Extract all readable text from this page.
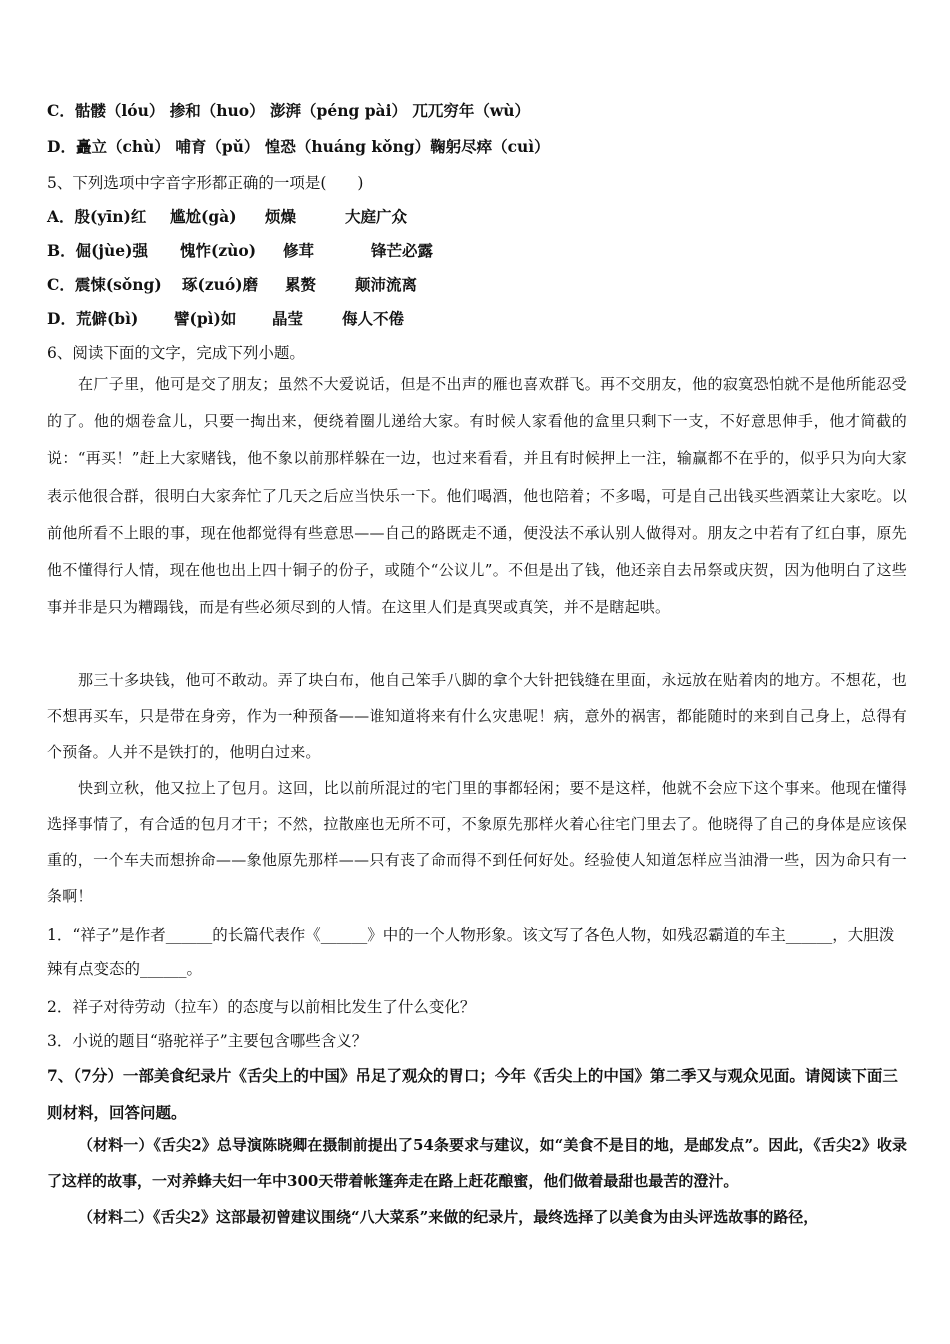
C．骷髅（lóu） 掺和（huo） 澎湃（péng pài） 兀兀穷年（wù）
D．矗立（chù） 哺育（pǔ） 惶恐（huáng kǒng）鞠躬尽瘁（cuì）
5、下列选项中字音字形都正确的一项是(　　)
A．殷(yīn)红 尴尬(gà) 烦燥	大庭广众
B．倔(jùe)强 愧怍(zùo) 修茸	锋芒必露
C．震悚(sǒng) 琢(zuó)磨 累赘	颠沛流离
D．荒僻(bì) 譬(pì)如 晶莹	侮人不倦
6、阅读下面的文字，完成下列小题。
在厂子里，他可是交了朋友；虽然不大爱说话，但是不出声的雁也喜欢群飞。再不交朋友，他的寂寞恐怕就不是他所能忍受的了。他的烟卷盒儿，只要一掏出来，便绕着圈儿递给大家。有时候人家看他的盒里只剩下一支，不好意思伸手，他才简截的说：“再买！”赶上大家赌钱，他不象以前那样躲在一边，也过来看看，并且有时候押上一注，输赢都不在乎的，似乎只为向大家表示他很合群，很明白大家奔忙了几天之后应当快乐一下。他们喝酒，他也陪着；不多喝，可是自己出钱买些酒菜让大家吃。以前他所看不上眼的事，现在他都觉得有些意思——自己的路既走不通，便没法不承认别人做得对。朋友之中若有了红白事，原先他不懂得行人情，现在他也出上四十铜子的份子，或随个“公议儿”。不但是出了钱，他还亲自去吊祭或庆贺，因为他明白了这些事并非是只为糟蹋钱，而是有些必须尽到的人情。在这里人们是真哭或真笑，并不是瞎起哄。
那三十多块钱，他可不敢动。弄了块白布，他自己笨手八脚的拿个大针把钱缝在里面，永远放在贴着肉的地方。不想花，也不想再买车，只是带在身旁，作为一种预备——谁知道将来有什么灾患呢！病，意外的祸害，都能随时的来到自己身上，总得有个预备。人并不是铁打的，他明白过来。
快到立秋，他又拉上了包月。这回，比以前所混过的宅门里的事都轻闲；要不是这样，他就不会应下这个事来。他现在懂得选择事情了，有合适的包月才干；不然，拉散座也无所不可，不象原先那样火着心往宅门里去了。他晓得了自己的身体是应该保重的，一个车夫而想拚命——象他原先那样——只有丧了命而得不到任何好处。经验使人知道怎样应当油滑一些，因为命只有一条啊！
1．“祥子”是作者______的长篇代表作《______》中的一个人物形象。该文写了各色人物，如残忍霸道的车主______，大胆泼辣有点变态的______。
2．祥子对待劳动（拉车）的态度与以前相比发生了什么变化？
3．小说的题目“骆驼祥子”主要包含哪些含义？
7、（7分）一部美食纪录片《舌尖上的中国》吊足了观众的胃口；今年《舌尖上的中国》第二季又与观众见面。请阅读下面三则材料，回答问题。
（材料一）《舌尖2》总导演陈晓卿在摄制前提出了54条要求与建议，如“美食不是目的地，是邮发点”。因此，《舌尖2》收录了这样的故事，一对养蜂夫妇一年中300天带着帐篷奔走在路上赶花酿蜜，他们做着最甜也最苦的澄汁。
（材料二）《舌尖2》这部最初曾建议围绕“八大菜系”来做的纪录片，最终选择了以美食为由头评选故事的路径，
